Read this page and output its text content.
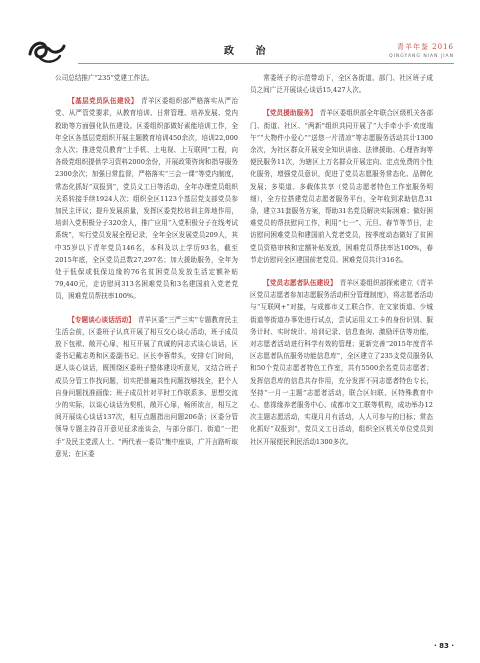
政 治	青羊年鉴 2016
QINGYANG NIAN JIAN

公司总结推广“235”党建工作法。

【 基层党员队伍建设 】 青羊区委组织部严格落实从严治党、从严管党要求，从教育培训、日常管理、培养发展、党内救助等方面强化队伍建设。区委组织部做好素能培训工作，全年全区各基层党组织开展主题教育培训450余次，培训22,000余人次；推进党员教育“上手机、上电视、上互联网”工程，向各级党组织提供学习资料2000余份，开展政策咨询和指导服务2300余次；加强日常监督，严格落实“三会一课”等党内制度，常态化抓好“双报到”，党员义工日等活动，全年办理党员组织关系转接手续1924人次；组织全区1123个基层党支部党员参加民主评议；提升发展质量，发挥区委党校培训主阵地作用，培训入党积极分子320余人，推广应用“入党积极分子在线考试系统”，实行党员发展全程记录，全年全区发展党员209人，其中35岁以下青年党员146名，本科及以上学历93名，截至2015年底，全区党员总数27,297名；加大援助服务，全年为处于低保或低保边缘的76名贫困党员发放生活定额补贴79,440元，走访慰问313名困难党员和3名建国前入党老党员，困难党员帮扶率100%。

【 专题谈心谈话活动 】 青羊区委“三严三实”专题教育民主生活会前，区委班子认真开展了相互交心谈心活动，班子成员放下包袱、敞开心扉，相互开展了真诚的同志式谈心谈话，区委书记戴志勇和区委副书记、区长李蓉带头，安排专门时间，逐人谈心谈话，既围绕区委班子整体建设听意见，又结合班子成员分管工作找问题，切实把普遍共性问题找够找全，把个人自身问题找准画像；班子成员针对平时工作联系多、思想交流少的实际，以谈心谈话为契机，敞开心扉，畅所欲言，相互之间开展谈心谈话137次，相互点题指出问题206条；区委分管领导专题主持召开意见征求座谈会，与部分部门、街道“一把手”及民主党派人士、“两代表一委员”集中座谈，广开言路听取意见；在区委

常委班子的示范带动下，全区各街道、部门、社区班子成员之间广泛开展谈心谈话15,427人次。

【 党员援助服务 】 青羊区委组织部全年联合区级机关各部门、街道、社区、“两新”组织共同开展了“大手牵小手·欢度端午”“大物件小爱心”“送您一片清凉”等志愿服务活动共计1300余次，为社区群众开展安全知识讲座、法律援助、心理咨询等便民服务11次，为辖区上万名群众开展定向、定点免费的个性化服务，增强党员意识，促进了党员志愿服务常态化、品牌化发展；多渠道、多载体共享（党员志愿者特色工作室服务明细），全方位搭建党员志愿者服务平台，全年收到求助信息31条，建立31套服务方案，帮助31名党员解决实际困难；做好困难党员的帮扶慰问工作，利用“七一”、元旦、春节等节日，走访慰问困难党员和建国前入党老党员，按季度动态做好了贫困党员资格审核和定额补贴发放，困难党员帮扶率达100%，春节走访慰问全区建国前老党员、困难党员共计316名。

【 党员志愿者队伍建设 】 青羊区委组织部探索建立《青羊区党员志愿者参加志愿服务活动积分管理制度》，将志愿者活动与“互联网+”对接，与成都市义工联合作，在文家街道、少城街道等街道办事处进行试点，尝试运用义工卡的身份识别、服务计时、实时统计、培训记录、信息查询、激励评估等功能，对志愿者活动进行科学有效的管理；更新完善“2015年度青羊区志愿者队伍服务功能信息库”，全区建立了235支党员服务队和50个党员志愿者特色工作室，共有5500余名党员志愿者；发挥信息库的信息共存作用，充分发挥不同志愿者特色专长，坚持“一月一主题”志愿者活动，联合区妇联、区特殊教育中心、慈祿缘养老服务中心、成都市文工联等机构，成功举办12次主题志愿活动，实现月月有活动，人人可参与的目标；常态化抓好“双报到”，党员义工日活动，组织全区机关单位党员到社区开展便民利民活动1300多次。

· 83 ·
